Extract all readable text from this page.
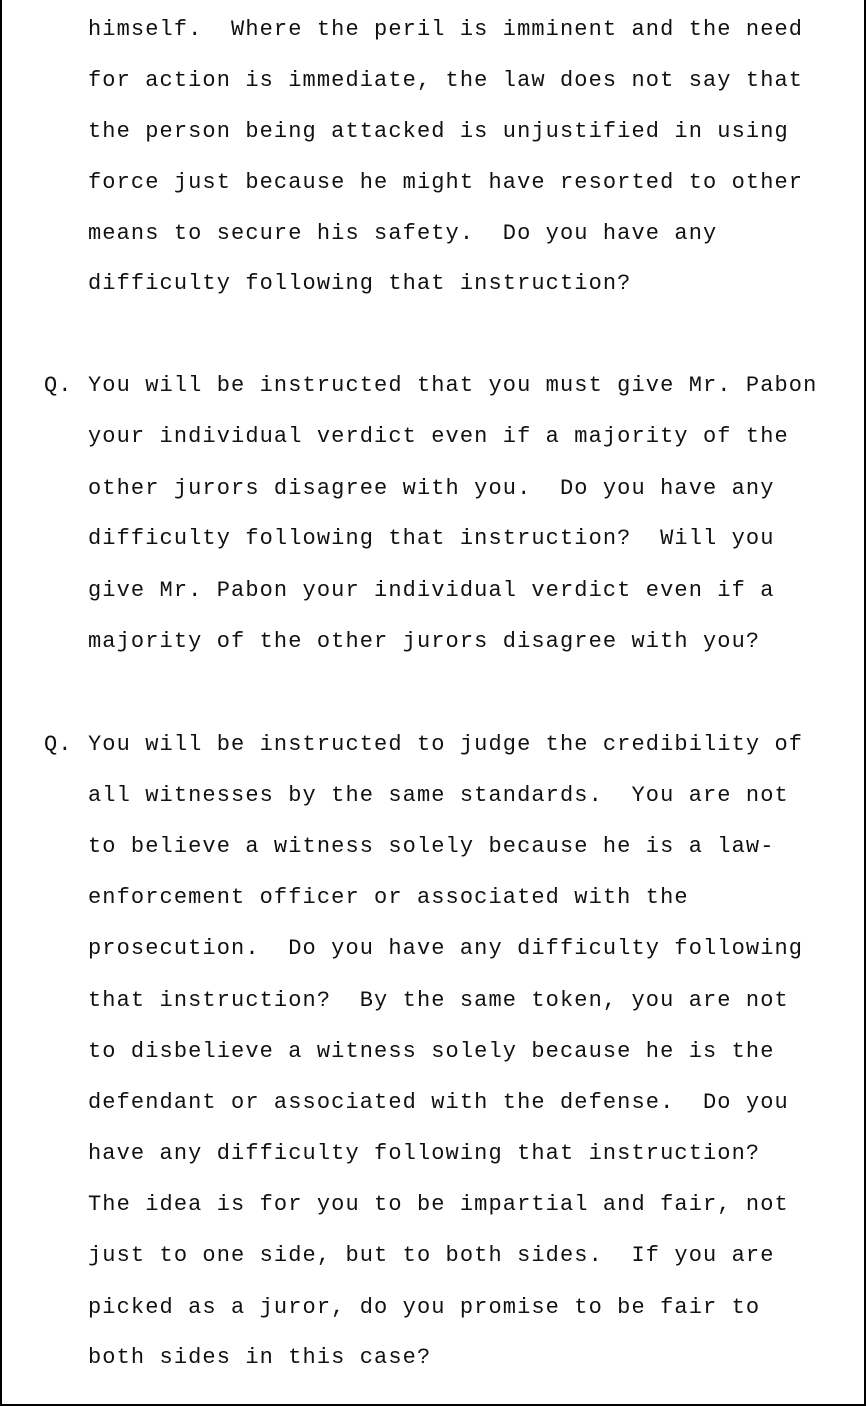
himself.  Where the peril is imminent and the need

for action is immediate, the law does not say that

the person being attacked is unjustified in using

force just because he might have resorted to other

means to secure his safety.  Do you have any

difficulty following that instruction?

Q.

You will be instructed that you must give Mr. Pabon

your individual verdict even if a majority of the

other jurors disagree with you.  Do you have any

difficulty following that instruction?  Will you

give Mr. Pabon your individual verdict even if a

majority of the other jurors disagree with you?

Q.

You will be instructed to judge the credibility of

all witnesses by the same standards.  You are not

to believe a witness solely because he is a law-

enforcement officer or associated with the

prosecution.  Do you have any difficulty following

that instruction?  By the same token, you are not

to disbelieve a witness solely because he is the

defendant or associated with the defense.  Do you

have any difficulty following that instruction?

The idea is for you to be impartial and fair, not

just to one side, but to both sides.  If you are

picked as a juror, do you promise to be fair to

both sides in this case?
